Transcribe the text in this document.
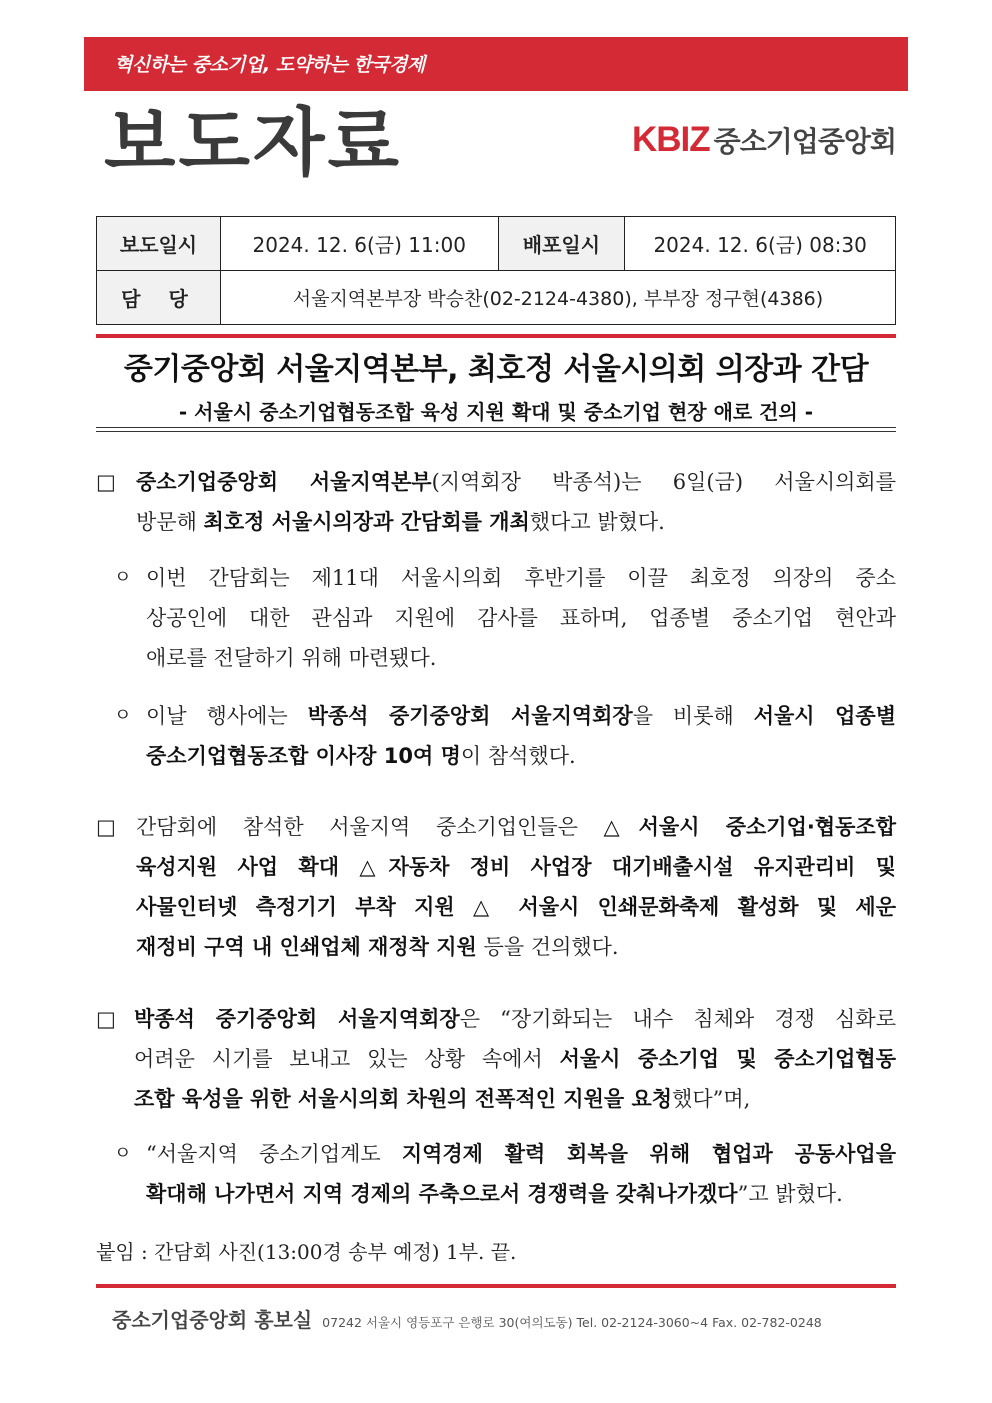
혁신하는 중소기업, 도약하는 한국경제
보도자료	KBIZ 중소기업중앙회
보도일시	2024. 12. 6(금) 11:00	배포일시	2024. 12. 6(금) 08:30
담당	서울지역본부장 박승찬(02-2124-4380), 부부장 정구현(4386)		
중기중앙회 서울지역본부, 최호정 서울시의회 의장과 간담
- 서울시 중소기업협동조합 육성 지원 확대 및 중소기업 현장 애로 건의 -
□ 중소기업중앙회 서울지역본부(지역회장 박종석)는 6일(금) 서울시의회를
방문해 최호정 서울시의장과 간담회를 개최했다고 밝혔다.
ㅇ 이번 간담회는 제11대 서울시의회 후반기를 이끌 최호정 의장의 중소
상공인에 대한 관심과 지원에 감사를 표하며, 업종별 중소기업 현안과
애로를 전달하기 위해 마련됐다.
ㅇ 이날 행사에는 박종석 중기중앙회 서울지역회장을 비롯해 서울시 업종별
중소기업협동조합 이사장 10여 명이 참석했다.
□ 간담회에 참석한 서울지역 중소기업인들은 △서울시 중소기업·협동조합
육성지원 사업 확대 △자동차 정비 사업장 대기배출시설 유지관리비 및
사물인터넷 측정기기 부착 지원 △ 서울시 인쇄문화축제 활성화 및 세운
재정비 구역 내 인쇄업체 재정착 지원 등을 건의했다.
□ 박종석 중기중앙회 서울지역회장은 “장기화되는 내수 침체와 경쟁 심화로
어려운 시기를 보내고 있는 상황 속에서 서울시 중소기업 및 중소기업협동
조합 육성을 위한 서울시의회 차원의 전폭적인 지원을 요청했다”며,
ㅇ “서울지역 중소기업계도 지역경제 활력 회복을 위해 협업과 공동사업을
확대해 나가면서 지역 경제의 주축으로서 경쟁력을 갖춰나가겠다”고 밝혔다.
붙임 : 간담회 사진(13:00경 송부 예정) 1부. 끝.
중소기업중앙회 홍보실 07242 서울시 영등포구 은행로 30(여의도동) Tel. 02-2124-3060~4 Fax. 02-782-0248
